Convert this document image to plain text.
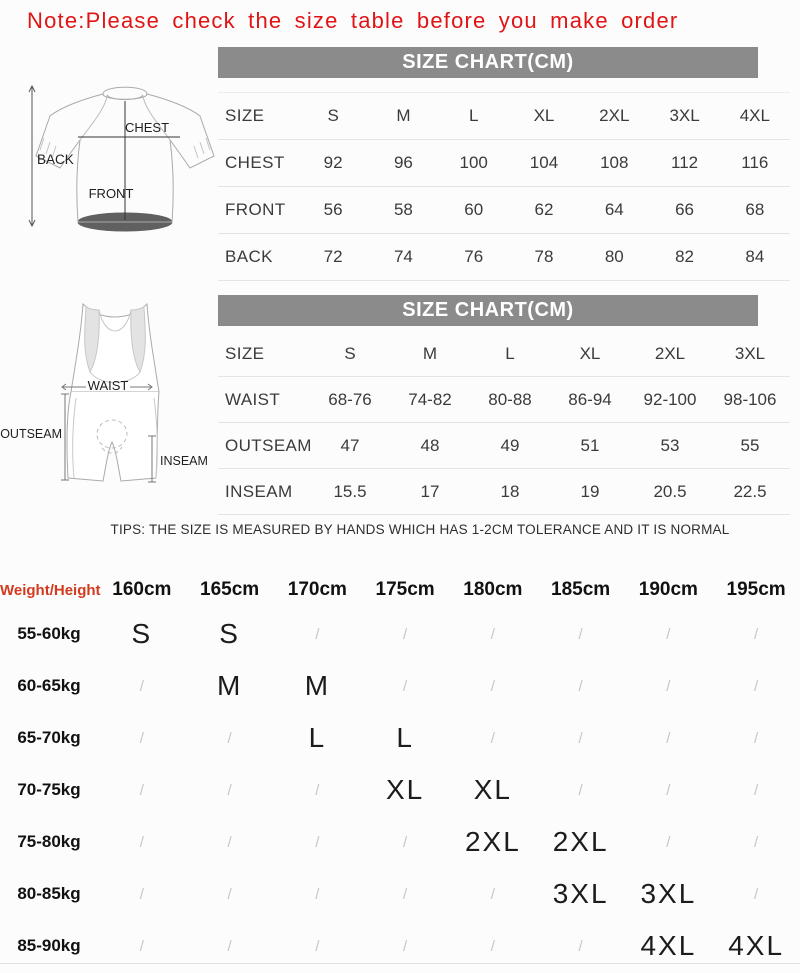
Note:Please check the size table before you make order
BACK
CHEST
FRONT
SIZE CHART(CM)
SIZE	S	M	L	XL	2XL	3XL	4XL
CHEST	92	96	100	104	108	112	116
FRONT	56	58	60	62	64	66	68
BACK	72	74	76	78	80	82	84
WAIST
OUTSEAM
INSEAM
SIZE CHART(CM)
SIZE	S	M	L	XL	2XL	3XL
WAIST	68-76	74-82	80-88	86-94	92-100	98-106
OUTSEAM	47	48	49	51	53	55
INSEAM	15.5	17	18	19	20.5	22.5
TIPS: THE SIZE IS MEASURED BY HANDS WHICH HAS 1-2CM TOLERANCE AND IT IS NORMAL
Weight/Height 160cm	165cm	170cm	175cm	180cm	185cm	190cm	195cm
55-60kg	S	S	/	/	/	/	/	/
60-65kg	/	M	M	/	/	/	/	/
65-70kg	/	/	L	L	/	/	/	/
70-75kg	/	/	/	XL	XL	/	/	/
75-80kg	/	/	/	/	2XL	2XL	/	/
80-85kg	/	/	/	/	/	3XL	3XL	/
85-90kg	/	/	/	/	/	/	4XL	4XL
